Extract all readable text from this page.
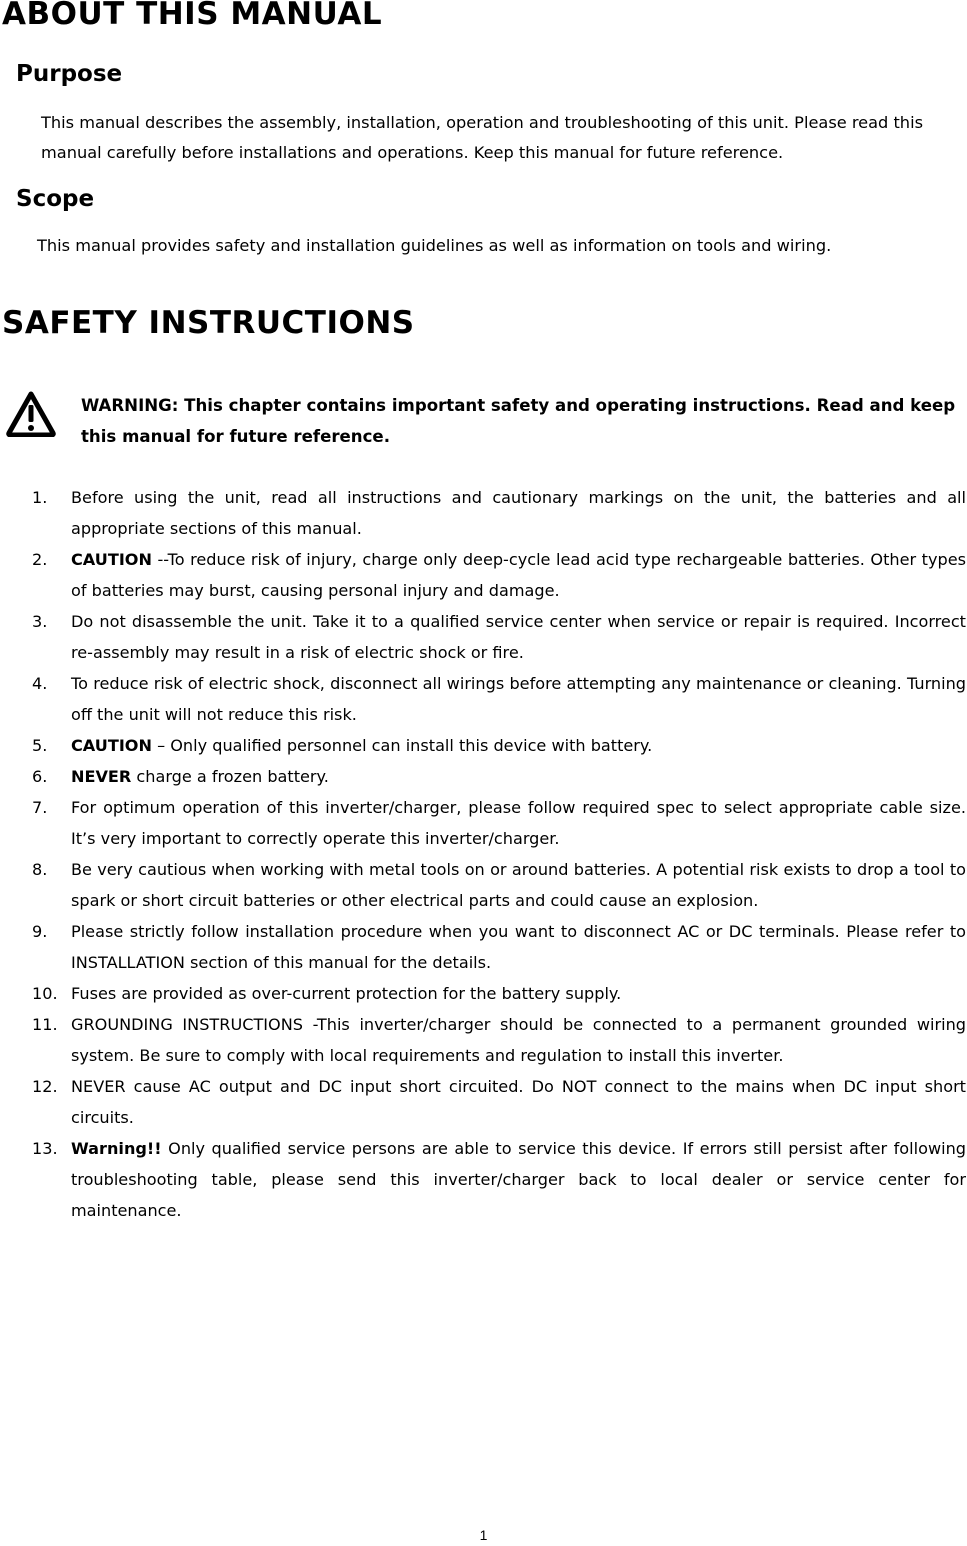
ABOUT THIS MANUAL
Purpose

This manual describes the assembly, installation, operation and troubleshooting of this unit. Please read this manual carefully before installations and operations. Keep this manual for future reference.

Scope

This manual provides safety and installation guidelines as well as information on tools and wiring.

SAFETY INSTRUCTIONS

WARNING: This chapter contains important safety and operating instructions. Read and keep this manual for future reference.

1. Before using the unit, read all instructions and cautionary markings on the unit, the batteries and all appropriate sections of this manual.
2. CAUTION --To reduce risk of injury, charge only deep-cycle lead acid type rechargeable batteries. Other types of batteries may burst, causing personal injury and damage.
3. Do not disassemble the unit. Take it to a qualified service center when service or repair is required. Incorrect re-assembly may result in a risk of electric shock or fire.
4. To reduce risk of electric shock, disconnect all wirings before attempting any maintenance or cleaning. Turning off the unit will not reduce this risk.
5. CAUTION – Only qualified personnel can install this device with battery.
6. NEVER charge a frozen battery.
7. For optimum operation of this inverter/charger, please follow required spec to select appropriate cable size. It’s very important to correctly operate this inverter/charger.
8. Be very cautious when working with metal tools on or around batteries. A potential risk exists to drop a tool to spark or short circuit batteries or other electrical parts and could cause an explosion.
9. Please strictly follow installation procedure when you want to disconnect AC or DC terminals. Please refer to INSTALLATION section of this manual for the details.
10. Fuses are provided as over-current protection for the battery supply.
11. GROUNDING INSTRUCTIONS -This inverter/charger should be connected to a permanent grounded wiring system. Be sure to comply with local requirements and regulation to install this inverter.
12. NEVER cause AC output and DC input short circuited. Do NOT connect to the mains when DC input short circuits.
13. Warning!! Only qualified service persons are able to service this device. If errors still persist after following troubleshooting table, please send this inverter/charger back to local dealer or service center for maintenance.
1
